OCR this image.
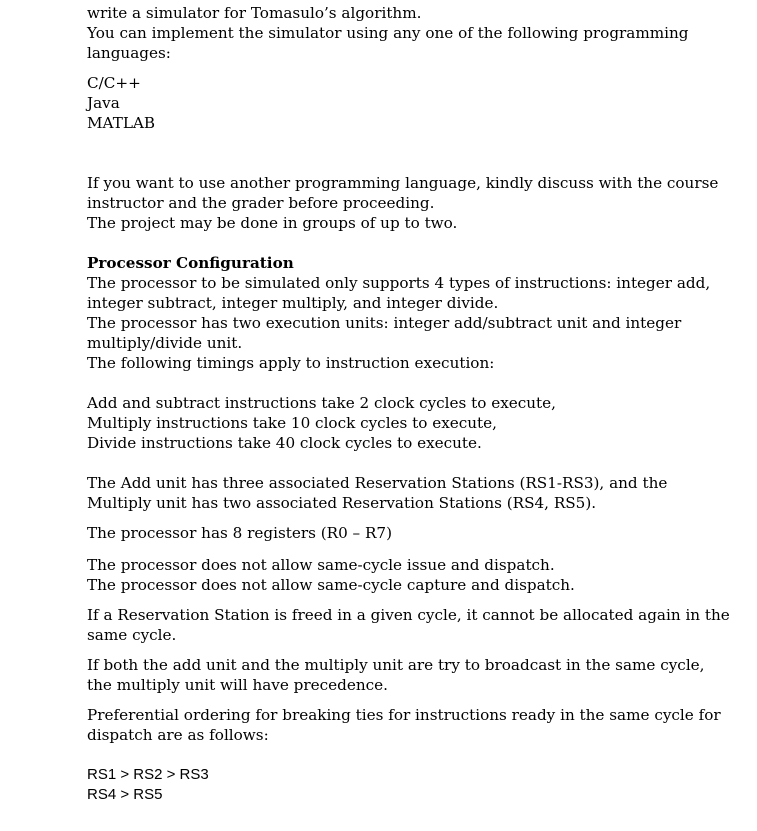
write a simulator for Tomasulo’s algorithm.
You can implement the simulator using any one of the following programming
languages:
C/C++
Java
MATLAB
If you want to use another programming language, kindly discuss with the course
instructor and the grader before proceeding.
The project may be done in groups of up to two.
Processor Configuration
The processor to be simulated only supports 4 types of instructions: integer add,
integer subtract, integer multiply, and integer divide.
The processor has two execution units: integer add/subtract unit and integer
multiply/divide unit.
The following timings apply to instruction execution:
Add and subtract instructions take 2 clock cycles to execute,
Multiply instructions take 10 clock cycles to execute,
Divide instructions take 40 clock cycles to execute.
The Add unit has three associated Reservation Stations (RS1-RS3), and the
Multiply unit has two associated Reservation Stations (RS4, RS5).
The processor has 8 registers (R0 – R7)
The processor does not allow same-cycle issue and dispatch.
The processor does not allow same-cycle capture and dispatch.
If a Reservation Station is freed in a given cycle, it cannot be allocated again in the
same cycle.
If both the add unit and the multiply unit are try to broadcast in the same cycle,
the multiply unit will have precedence.
Preferential ordering for breaking ties for instructions ready in the same cycle for
dispatch are as follows:
RS1 > RS2 > RS3
RS4 > RS5
